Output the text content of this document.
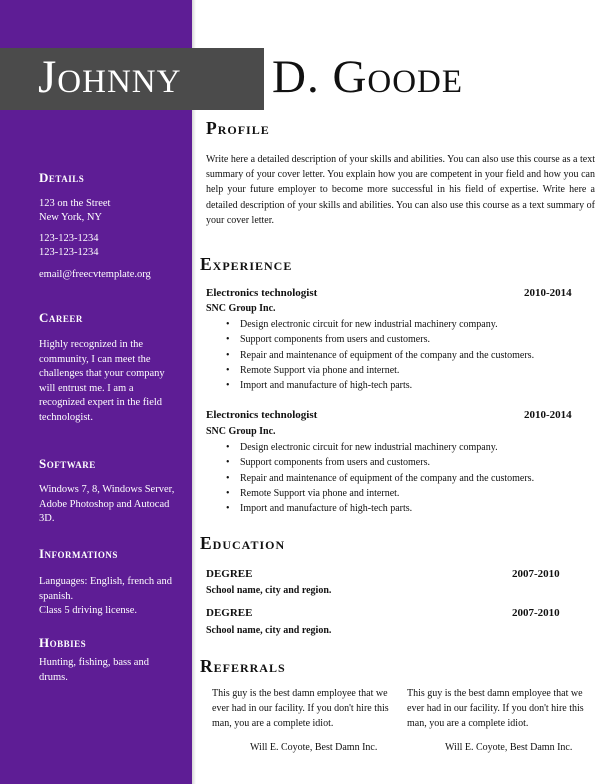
Johnny D. Goode
Details
123 on the Street
New York, NY
123-123-1234
123-123-1234
email@freecvtemplate.org
Career

Highly recognized in the community, I can meet the challenges that your company will entrust me. I am a recognized expert in the field technologist.

Software

Windows 7, 8, Windows Server, Adobe Photoshop and Autocad 3D.

Informations

Languages: English, french and spanish.

Class 5 driving license.

Hobbies

Hunting, fishing, bass and drums.

Profile

Write here a detailed description of your skills and abilities. You can also use this course as a text summary of your cover letter. You explain how you are competent in your field and how you can help your future employer to become more successful in his field of expertise. Write here a detailed description of your skills and abilities. You can also use this course as a text summary of your cover letter.

Experience
Electronics technologist	2010-2014
SNC Group Inc.
• Design electronic circuit for new industrial machinery company.
• Support components from users and customers.
• Repair and maintenance of equipment of the company and the customers.
• Remote Support via phone and internet.
• Import and manufacture of high-tech parts.
Electronics technologist	2010-2014
SNC Group Inc.
• Design electronic circuit for new industrial machinery company.
• Support components from users and customers.
• Repair and maintenance of equipment of the company and the customers.
• Remote Support via phone and internet.
• Import and manufacture of high-tech parts.
Education
DEGREE	2007-2010
School name, city and region.
DEGREE	2007-2010
School name, city and region.
Referrals

This guy is the best damn employee that we ever had in our facility. If you don't hire this man, you are a complete idiot.

Will E. Coyote, Best Damn Inc.

This guy is the best damn employee that we ever had in our facility. If you don't hire this man, you are a complete idiot.

Will E. Coyote, Best Damn Inc.
